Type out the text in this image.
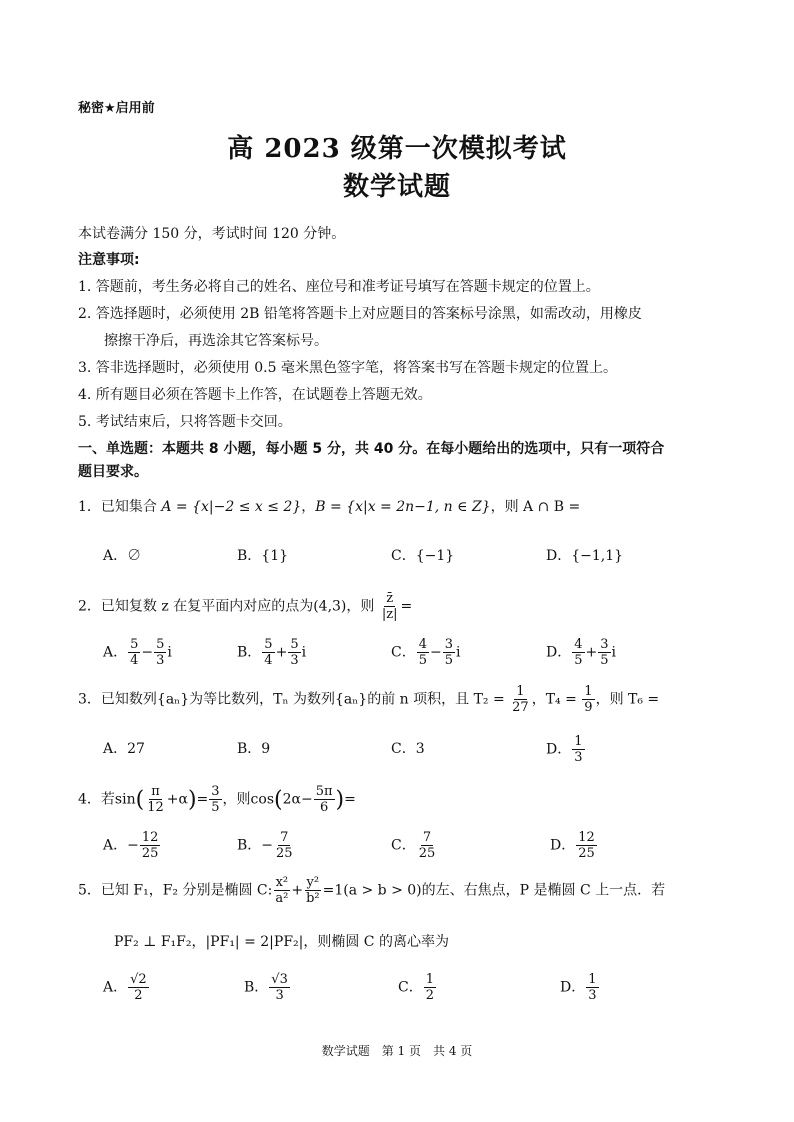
秘密★启用前
高 2023 级第一次模拟考试
数学试题
本试卷满分 150 分，考试时间 120 分钟。
注意事项:
1. 答题前，考生务必将自己的姓名、座位号和准考证号填写在答题卡规定的位置上。
2. 答选择题时，必须使用 2B 铅笔将答题卡上对应题目的答案标号涂黑，如需改动，用橡皮
擦擦干净后，再选涂其它答案标号。
3. 答非选择题时，必须使用 0.5 毫米黑色签字笔，将答案书写在答题卡规定的位置上。
4. 所有题目必须在答题卡上作答，在试题卷上答题无效。
5. 考试结束后，只将答题卡交回。
一、单选题：本题共 8 小题，每小题 5 分，共 40 分。在每小题给出的选项中，只有一项符合
题目要求。
1．已知集合 A = {x|−2 ≤ x ≤ 2}，B = {x|x = 2n−1, n ∈ Z}，则 A ∩ B =
A．∅	B．{1}	C．{−1}	D．{−1,1}
2．已知复数 z 在复平面内对应的点为(4,3)，则 $\frac{z̄}{|z|}$ =
A． $\frac{5}{4} - \frac{5}{3}$ i	B． $\frac{5}{4} + \frac{5}{3}$ i	C． $\frac{4}{5} - \frac{3}{5}$ i	D． $\frac{4}{5} + \frac{3}{5}$ i
3．已知数列{aₙ}为等比数列，Tₙ 为数列{aₙ}的前 n 项积，且 $T_2 = \frac{1}{27}$ ，$T_4 = \frac{1}{9}$ ，则 T₆ =
A．27	B．9	C．3	D． $\frac{1}{3}$
4．若$\sin( \frac{\pi}{12} +\alpha)= \frac{3}{5}$ ，则$\cos(2\alpha- \frac{5\pi}{6}$ )=
A．− $\frac{12}{25}$	B．− $\frac{7}{25}$	C． $\frac{7}{25}$	D． $\frac{12}{25}$
5．已知 F₁，F₂ 分别是椭圆 C: $\frac{\text{x²}}{\text{a²}} + \frac{\text{y²}}{\text{b²}} =1(a > b > 0)$的左、右焦点，P 是椭圆 C 上一点．若
PF₂ ⊥ F₁F₂，|PF₁| = 2|PF₂|，则椭圆 C 的离心率为
A． $\frac{√2}{2}$	B． $\frac{√3}{3}$	C． $\frac{1}{2}$	D． $\frac{1}{3}$
数学试题　第 1 页　共 4 页
